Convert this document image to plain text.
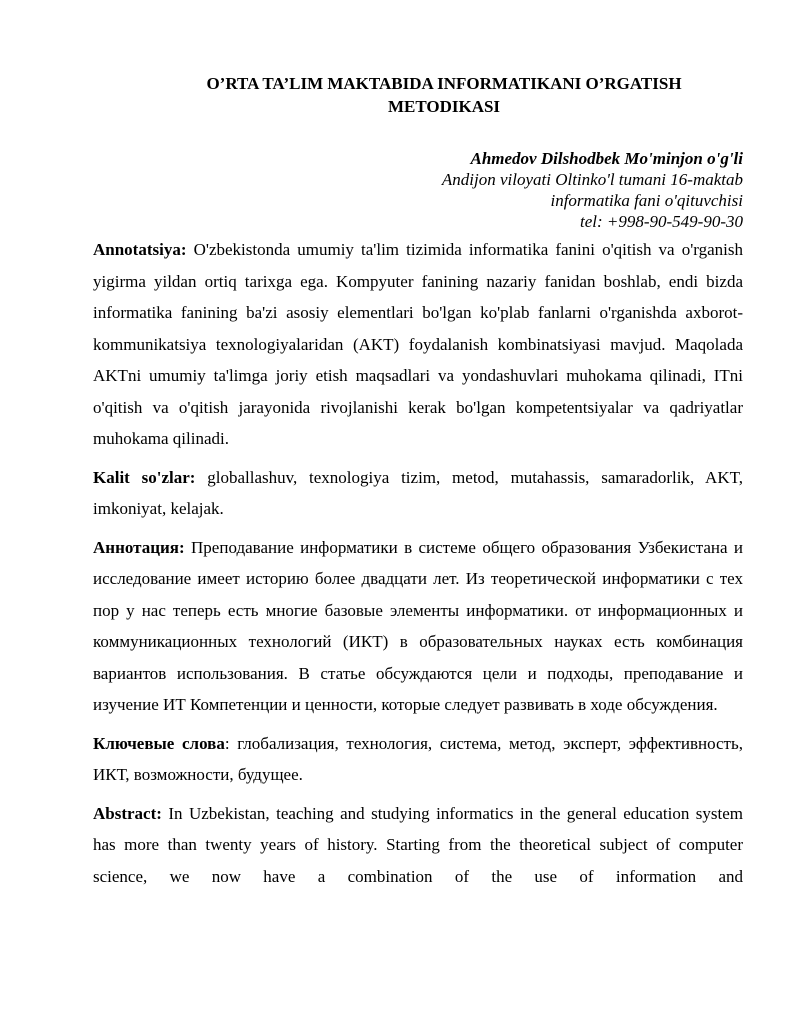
O’RTA TA’LIM MAKTABIDA INFORMATIKANI O’RGATISH
METODIKASI
Ahmedov Dilshodbek Mo'minjon o'g'li
Andijon viloyati Oltinko'l tumani 16-maktab
informatika fani o'qituvchisi
tel: +998-90-549-90-30

Annotatsiya: O'zbekistonda umumiy ta'lim tizimida informatika fanini o'qitish va o'rganish yigirma yildan ortiq tarixga ega. Kompyuter fanining nazariy fanidan boshlab, endi bizda informatika fanining ba'zi asosiy elementlari bo'lgan ko'plab fanlarni o'rganishda axborot-kommunikatsiya texnologiyalaridan (AKT) foydalanish kombinatsiyasi mavjud. Maqolada AKTni umumiy ta'limga joriy etish maqsadlari va yondashuvlari muhokama qilinadi, ITni o'qitish va o'qitish jarayonida rivojlanishi kerak bo'lgan kompetentsiyalar va qadriyatlar muhokama qilinadi.

Kalit so'zlar: globallashuv, texnologiya tizim, metod, mutahassis, samaradorlik, AKT, imkoniyat, kelajak.

Аннотация: Преподавание информатики в системе общего образования Узбекистана и исследование имеет историю более двадцати лет. Из теоретической информатики с тех пор у нас теперь есть многие базовые элементы информатики. от информационных и коммуникационных технологий (ИКТ) в образовательных науках есть комбинация вариантов использования. В статье обсуждаются цели и подходы, преподавание и изучение ИТ Компетенции и ценности, которые следует развивать в ходе обсуждения.

Ключевые слова: глобализация, технология, система, метод, эксперт, эффективность, ИКТ, возможности, будущее.

Abstract: In Uzbekistan, teaching and studying informatics in the general education system has more than twenty years of history. Starting from the theoretical subject of computer science, we now have a combination of the use of information and
